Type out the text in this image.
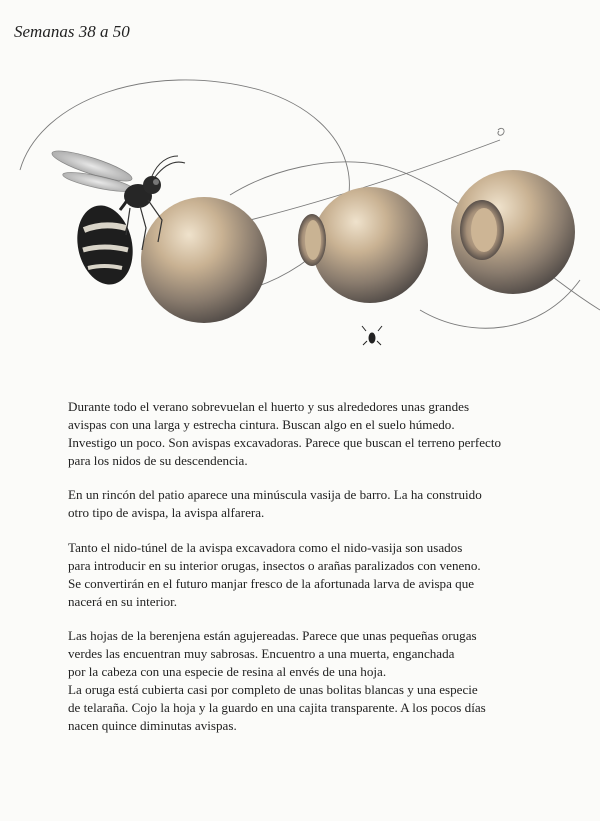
Semanas 38 a 50

Durante todo el verano sobrevuelan el huerto y sus alrededores unas grandes
avispas con una larga y estrecha cintura. Buscan algo en el suelo húmedo.
Investigo un poco. Son avispas excavadoras. Parece que buscan el terreno perfecto
para los nidos de su descendencia.

En un rincón del patio aparece una minúscula vasija de barro. La ha construido
otro tipo de avispa, la avispa alfarera.

Tanto el nido-túnel de la avispa excavadora como el nido-vasija son usados
para introducir en su interior orugas, insectos o arañas paralizados con veneno.
Se convertirán en el futuro manjar fresco de la afortunada larva de avispa que
nacerá en su interior.

Las hojas de la berenjena están agujereadas. Parece que unas pequeñas orugas
verdes las encuentran muy sabrosas. Encuentro a una muerta, enganchada
por la cabeza con una especie de resina al envés de una hoja.
La oruga está cubierta casi por completo de unas bolitas blancas y una especie
de telaraña. Cojo la hoja y la guardo en una cajita transparente. A los pocos días
nacen quince diminutas avispas.
